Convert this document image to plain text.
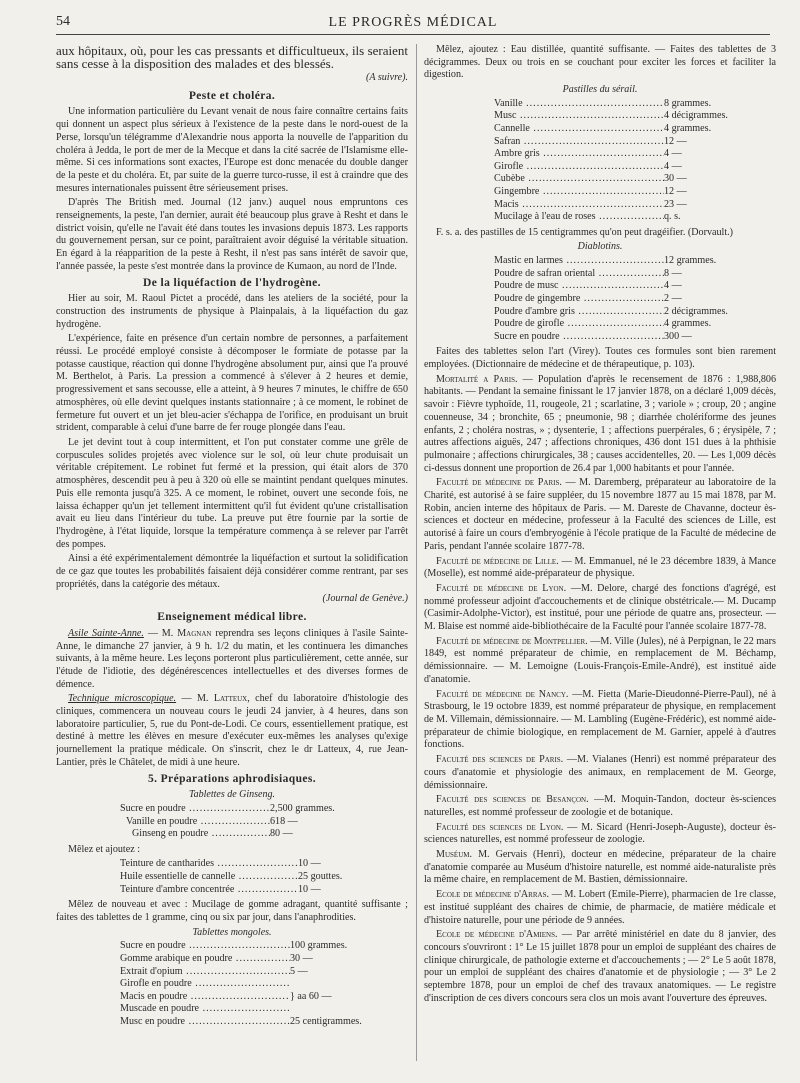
54	LE PROGRÈS MÉDICAL

aux hôpitaux, où, pour les cas pressants et difficultueux, ils seraient sans cesse à la disposition des malades et des blessés.

(A suivre).

Peste et choléra.

Une information particulière du Levant venait de nous faire connaître certains faits qui donnent un aspect plus sérieux à l'existence de la peste dans le nord-ouest de la Perse, lorsqu'un télégramme d'Alexandrie nous apporta la nouvelle de l'apparition du choléra à Jedda, le port de mer de la Mecque et dans la cité sacrée de l'Islamisme elle-même. Si ces informations sont exactes, l'Europe est donc menacée du double danger de la peste et du choléra. Et, par suite de la guerre turco-russe, il est à craindre que des mesures internationales puissent être sérieusement prises.

D'après The British med. Journal (12 janv.) auquel nous empruntons ces renseignements, la peste, l'an dernier, aurait été beaucoup plus grave à Resht et dans le district voisin, qu'elle ne l'avait été dans toutes les invasions depuis 1873. Les rapports du gouvernement persan, sur ce point, paraîtraient avoir déguisé la véritable situation. En égard à la réapparition de la peste à Resht, il n'est pas sans intérêt de savoir que, l'année passée, la peste s'est montrée dans la province de Kumaon, au nord de l'Inde.

De la liquéfaction de l'hydrogène.

Hier au soir, M. Raoul Pictet a procédé, dans les ateliers de la société, pour la construction des instruments de physique à Plainpalais, à la liquéfaction du gaz hydrogène.

L'expérience, faite en présence d'un certain nombre de personnes, a parfaitement réussi. Le procédé employé consiste à décomposer le formiate de potasse par la potasse caustique, réaction qui donne l'hydrogène absolument pur, ainsi que l'a prouvé M. Berthelot, à Paris. La pression a commencé à s'élever à 2 heures et demie, progressivement et sans secousse, elle a atteint, à 9 heures 7 minutes, le chiffre de 650 atmosphères, où elle devint quelques instants stationnaire ; à ce moment, le robinet de fermeture fut ouvert et un jet bleu-acier s'échappa de l'orifice, en produisant un bruit strident, comparable à celui d'une barre de fer rouge plongée dans l'eau.

Le jet devint tout à coup intermittent, et l'on put constater comme une grêle de corpuscules solides projetés avec violence sur le sol, où leur chute produisait un véritable crépitement. Le robinet fut fermé et la pression, qui était alors de 370 atmosphères, descendit peu à peu à 320 où elle se maintint pendant quelques minutes. Puis elle remonta jusqu'à 325. A ce moment, le robinet, ouvert une seconde fois, ne laissa échapper qu'un jet tellement intermittent qu'il fut évident qu'une cristallisation avait eu lieu dans l'intérieur du tube. La preuve put être fournie par la sortie de l'hydrogène, à l'état liquide, lorsque la température commença à se relever par l'arrêt des pompes.

Ainsi a été expérimentalement démontrée la liquéfaction et surtout la solidification de ce gaz que toutes les probabilités faisaient déjà considérer comme rentrant, par ses propriétés, dans la catégorie des métaux.

(Journal de Genève.)

Enseignement médical libre.

Asile Sainte-Anne. — M. Magnan reprendra ses leçons cliniques à l'asile Sainte-Anne, le dimanche 27 janvier, à 9 h. 1/2 du matin, et les continuera les dimanches suivants, à la même heure. Les leçons porteront plus particulièrement, cette année, sur l'étude de l'idiotie, des dégénérescences intellectuelles et des diverses formes de démence.

Technique microscopique. — M. Latteux, chef du laboratoire d'histologie des cliniques, commencera un nouveau cours le jeudi 24 janvier, à 4 heures, dans son laboratoire particulier, 5, rue du Pont-de-Lodi. Ce cours, essentiellement pratique, est destiné à mettre les élèves en mesure d'exécuter eux-mêmes les analyses qu'exige journellement la pratique médicale. On s'inscrit, chez le dr Latteux, 4, rue Jean-Lantier, près le Châtelet, de midi à une heure.

5. Préparations aphrodisiaques.
Tablettes de Ginseng.
Sucre en poudre .....	2,500 grammes.
Vanille en poudre .....	618 —
Ginseng en poudre .....	80 —

Mêlez et ajoutez :

Teinture de cantharides .....	10 —
Huile essentielle de cannelle .....	25 gouttes.
Teinture d'ambre concentrée .....	10 —

Mêlez de nouveau et avec : Mucilage de gomme adragant, quantité suffisante ; faites des tablettes de 1 gramme, cinq ou six par jour, dans l'anaphrodities.

Tablettes mongoles.
Sucre en poudre .....	100 grammes.
Gomme arabique en poudre .....	30 —
Extrait d'opium .....	5 —
Girofle en poudre .....
Macis en poudre .....	} aa 60 —
Muscade en poudre .....
Musc en poudre .....	25 centigrammes.

Mêlez, ajoutez : Eau distillée, quantité suffisante. — Faites des tablettes de 3 décigrammes. Deux ou trois en se couchant pour exciter les forces et faciliter la digestion.

Pastilles du sérail.
Vanille .....	8 grammes.
Musc .....	4 décigrammes.
Cannelle .....	4 grammes.
Safran .....	12 —
Ambre gris .....	4 —
Girofle .....	4 —
Cubèbe .....	30 —
Gingembre .....	12 —
Macis .....	23 —
Mucilage à l'eau de roses .....	q. s.

F. s. a. des pastilles de 15 centigrammes qu'on peut dragéifier. (Dorvault.)

Diablotins.
Mastic en larmes .....	12 grammes.
Poudre de safran oriental .....	8 —
Poudre de musc .....	4 —
Poudre de gingembre .....	2 —
Poudre d'ambre gris .....	2 décigrammes.
Poudre de girofle .....	4 grammes.
Sucre en poudre .....	300 —

Faites des tablettes selon l'art (Virey). Toutes ces formules sont bien rarement employées. (Dictionnaire de médecine et de thérapeutique, p. 103).

Mortalité a Paris. — Population d'après le recensement de 1876 : 1,988,806 habitants. — Pendant la semaine finissant le 17 janvier 1878, on a déclaré 1,009 décès, savoir : Fièvre typhoïde, 11, rougeole, 21 ; scarlatine, 3 ; variole » ; croup, 20 ; angine couenneuse, 34 ; bronchite, 65 ; pneumonie, 98 ; diarrhée cholériforme des jeunes enfants, 2 ; choléra nostras, » ; dysenterie, 1 ; affections puerpérales, 6 ; érysipèle, 7 ; autres affections aiguës, 247 ; affections chroniques, 436 dont 151 dues à la phthisie pulmonaire ; affections chirurgicales, 38 ; causes accidentelles, 20. — Les 1,009 décès ci-dessus donnent une proportion de 26.4 par 1,000 habitants et pour l'année.

Faculté de médecine de Paris. — M. Daremberg, préparateur au laboratoire de la Charité, est autorisé à se faire suppléer, du 15 novembre 1877 au 15 mai 1878, par M. Robin, ancien interne des hôpitaux de Paris. — M. Dareste de Chavanne, docteur ès-sciences et docteur en médecine, professeur à la Faculté des sciences de Lille, est autorisé à faire un cours d'embryogénie à l'école pratique de la Faculté de médecine de Paris, pendant l'année scolaire 1877-78.

Faculté de médecine de Lille. — M. Emmanuel, né le 23 décembre 1839, à Mance (Moselle), est nommé aide-préparateur de physique.

Faculté de médecine de Lyon. —M. Delore, chargé des fonctions d'agrégé, est nommé professeur adjoint d'accouchements et de clinique obstétricale.— M. Ducamp (Casimir-Adolphe-Victor), est institué, pour une période de quatre ans, prosecteur. — M. Blaise est nommé aide-bibliothécaire de la Faculté pour l'année scolaire 1877-78.

Faculté de médecine de Montpellier. —M. Ville (Jules), né à Perpignan, le 22 mars 1849, est nommé préparateur de chimie, en remplacement de M. Béchamp, démissionnaire. — M. Lemoigne (Louis-François-Emile-André), est institué aide d'anatomie.

Faculté de médecine de Nancy. —M. Fietta (Marie-Dieudonné-Pierre-Paul), né à Strasbourg, le 19 octobre 1839, est nommé préparateur de physique, en remplacement de M. Villemain, démissionnaire. — M. Lambling (Eugène-Frédéric), est nommé aide-préparateur de chimie biologique, en remplacement de M. Garnier, appelé à d'autres fonctions.

Faculté des sciences de Paris. —M. Vialanes (Henri) est nommé préparateur des cours d'anatomie et physiologie des animaux, en remplacement de M. George, démissionnaire.

Faculté des sciences de Besançon. —M. Moquin-Tandon, docteur ès-sciences naturelles, est nommé professeur de zoologie et de botanique.

Faculté des sciences de Lyon. — M. Sicard (Henri-Joseph-Auguste), docteur ès-sciences naturelles, est nommé professeur de zoologie.

Muséum. M. Gervais (Henri), docteur en médecine, préparateur de la chaire d'anatomie comparée au Muséum d'histoire naturelle, est nommé aide-naturaliste près la même chaire, en remplacement de M. Bastien, démissionnaire.

Ecole de médecine d'Arras. — M. Lobert (Emile-Pierre), pharmacien de 1re classe, est institué suppléant des chaires de chimie, de pharmacie, de matière médicale et d'histoire naturelle, pour une période de 9 années.

Ecole de médecine d'Amiens. — Par arrêté ministériel en date du 8 janvier, des concours s'ouvriront : 1° Le 15 juillet 1878 pour un emploi de suppléant des chaires de clinique chirurgicale, de pathologie externe et d'accouchements ; — 2° Le 5 août 1878, pour un emploi de suppléant des chaires d'anatomie et de physiologie ; — 3° Le 2 septembre 1878, pour un emploi de chef des travaux anatomiques. — Le registre d'inscription de ces divers concours sera clos un mois avant l'ouverture des épreuves.
